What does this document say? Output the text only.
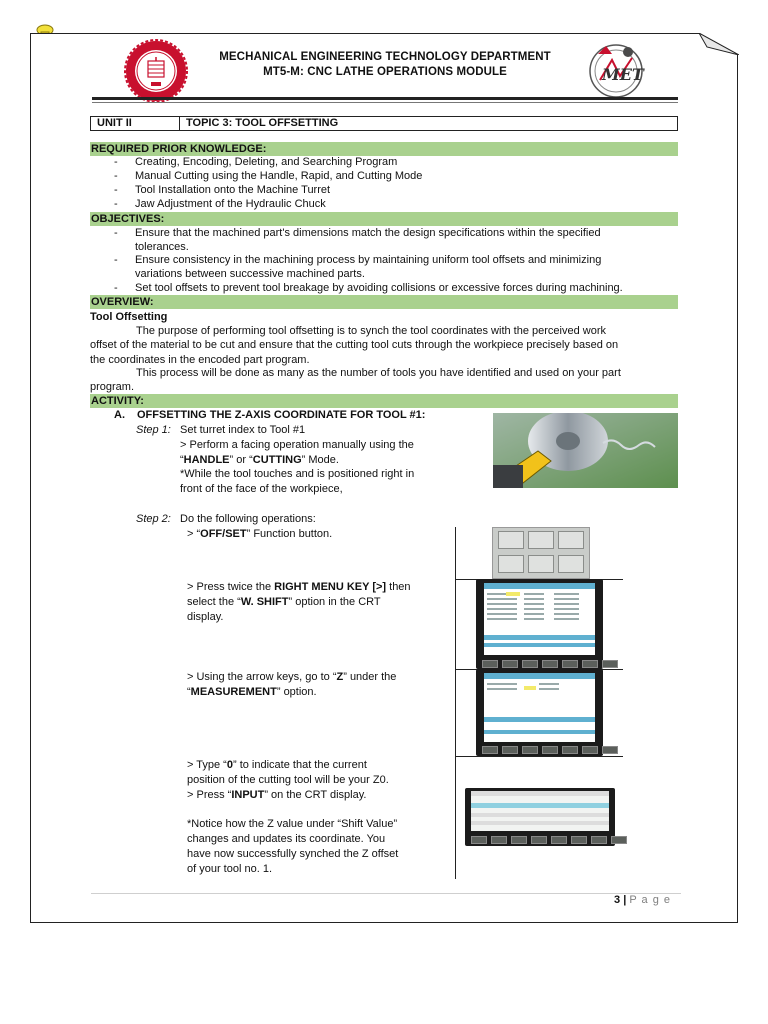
MET
MECHANICAL ENGINEERING TECHNOLOGY DEPARTMENT
MT5-M: CNC LATHE OPERATIONS MODULE
UNIT II	TOPIC 3: TOOL OFFSETTING
REQUIRED PRIOR KNOWLEDGE:
- Creating, Encoding, Deleting, and Searching Program
- Manual Cutting using the Handle, Rapid, and Cutting Mode
- Tool Installation onto the Machine Turret
- Jaw Adjustment of the Hydraulic Chuck
OBJECTIVES:
- Ensure that the machined part's dimensions match the design specifications within the specified
tolerances.
- Ensure consistency in the machining process by maintaining uniform tool offsets and minimizing
variations between successive machined parts.
- Set tool offsets to prevent tool breakage by avoiding collisions or excessive forces during machining.
OVERVIEW:
Tool Offsetting
The purpose of performing tool offsetting is to synch the tool coordinates with the perceived work
offset of the material to be cut and ensure that the cutting tool cuts through the workpiece precisely based on
the coordinates in the encoded part program.
This process will be done as many as the number of tools you have identified and used on your part
program.
ACTIVITY:
A. OFFSETTING THE Z-AXIS COORDINATE FOR TOOL #1:
Step 1: Set turret index to Tool #1
> Perform a facing operation manually using the
“HANDLE” or “CUTTING” Mode.
*While the tool touches and is positioned right in
front of the face of the workpiece,
Step 2: Do the following operations:
> “OFF/SET” Function button.
> Press twice the RIGHT MENU KEY [>] then
select the “W. SHIFT” option in the CRT
display.
> Using the arrow keys, go to “Z” under the
“MEASUREMENT” option.
> Type “0” to indicate that the current
position of the cutting tool will be your Z0.
> Press “INPUT” on the CRT display.
*Notice how the Z value under “Shift Value”
changes and updates its coordinate. You
have now successfully synched the Z offset
of your tool no. 1.
3 | P a g e
